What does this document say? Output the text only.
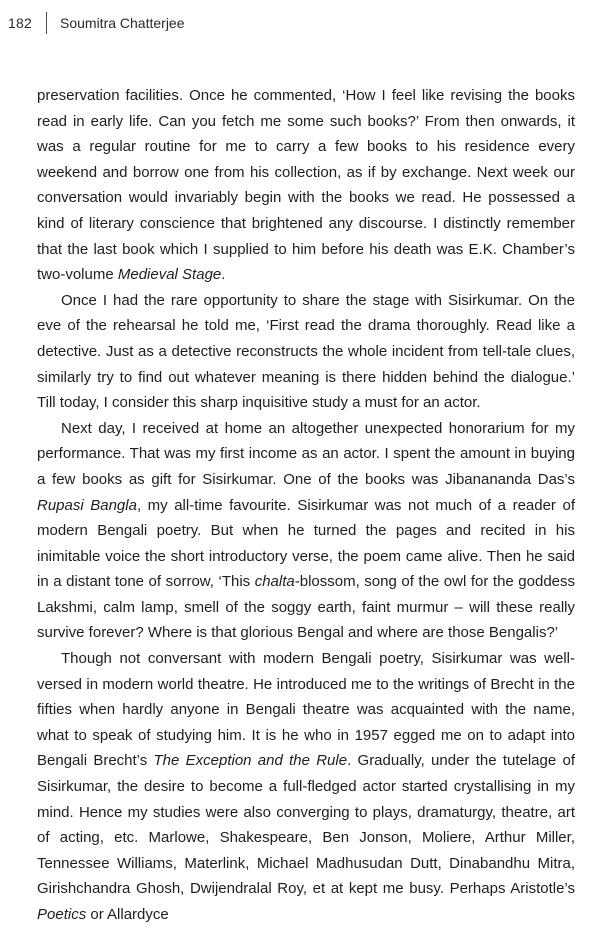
182 Soumitra Chatterjee

preservation facilities. Once he commented, ‘How I feel like revising the books read in early life. Can you fetch me some such books?’ From then onwards, it was a regular routine for me to carry a few books to his residence every weekend and borrow one from his collection, as if by exchange. Next week our conversation would invariably begin with the books we read. He possessed a kind of literary conscience that brightened any discourse. I distinctly remember that the last book which I supplied to him before his death was E.K. Chamber’s two-volume Medieval Stage.

Once I had the rare opportunity to share the stage with Sisirkumar. On the eve of the rehearsal he told me, ‘First read the drama thoroughly. Read like a detective. Just as a detective reconstructs the whole incident from tell-tale clues, similarly try to find out whatever meaning is there hidden behind the dialogue.’ Till today, I consider this sharp inquisitive study a must for an actor.

Next day, I received at home an altogether unexpected honorarium for my performance. That was my first income as an actor. I spent the amount in buying a few books as gift for Sisirkumar. One of the books was Jibanananda Das’s Rupasi Bangla, my all-time favourite. Sisirkumar was not much of a reader of modern Bengali poetry. But when he turned the pages and recited in his inimitable voice the short introductory verse, the poem came alive. Then he said in a distant tone of sorrow, ‘This chalta-blossom, song of the owl for the goddess Lakshmi, calm lamp, smell of the soggy earth, faint murmur – will these really survive forever? Where is that glorious Bengal and where are those Bengalis?’

Though not conversant with modern Bengali poetry, Sisirkumar was well-versed in modern world theatre. He introduced me to the writings of Brecht in the fifties when hardly anyone in Bengali theatre was acquainted with the name, what to speak of studying him. It is he who in 1957 egged me on to adapt into Bengali Brecht’s The Exception and the Rule. Gradually, under the tutelage of Sisirkumar, the desire to become a full-fledged actor started crystallising in my mind. Hence my studies were also converging to plays, dramaturgy, theatre, art of acting, etc. Marlowe, Shakespeare, Ben Jonson, Moliere, Arthur Miller, Tennessee Williams, Materlink, Michael Madhusudan Dutt, Dinabandhu Mitra, Girishchandra Ghosh, Dwijendralal Roy, et at kept me busy. Perhaps Aristotle’s Poetics or Allardyce
